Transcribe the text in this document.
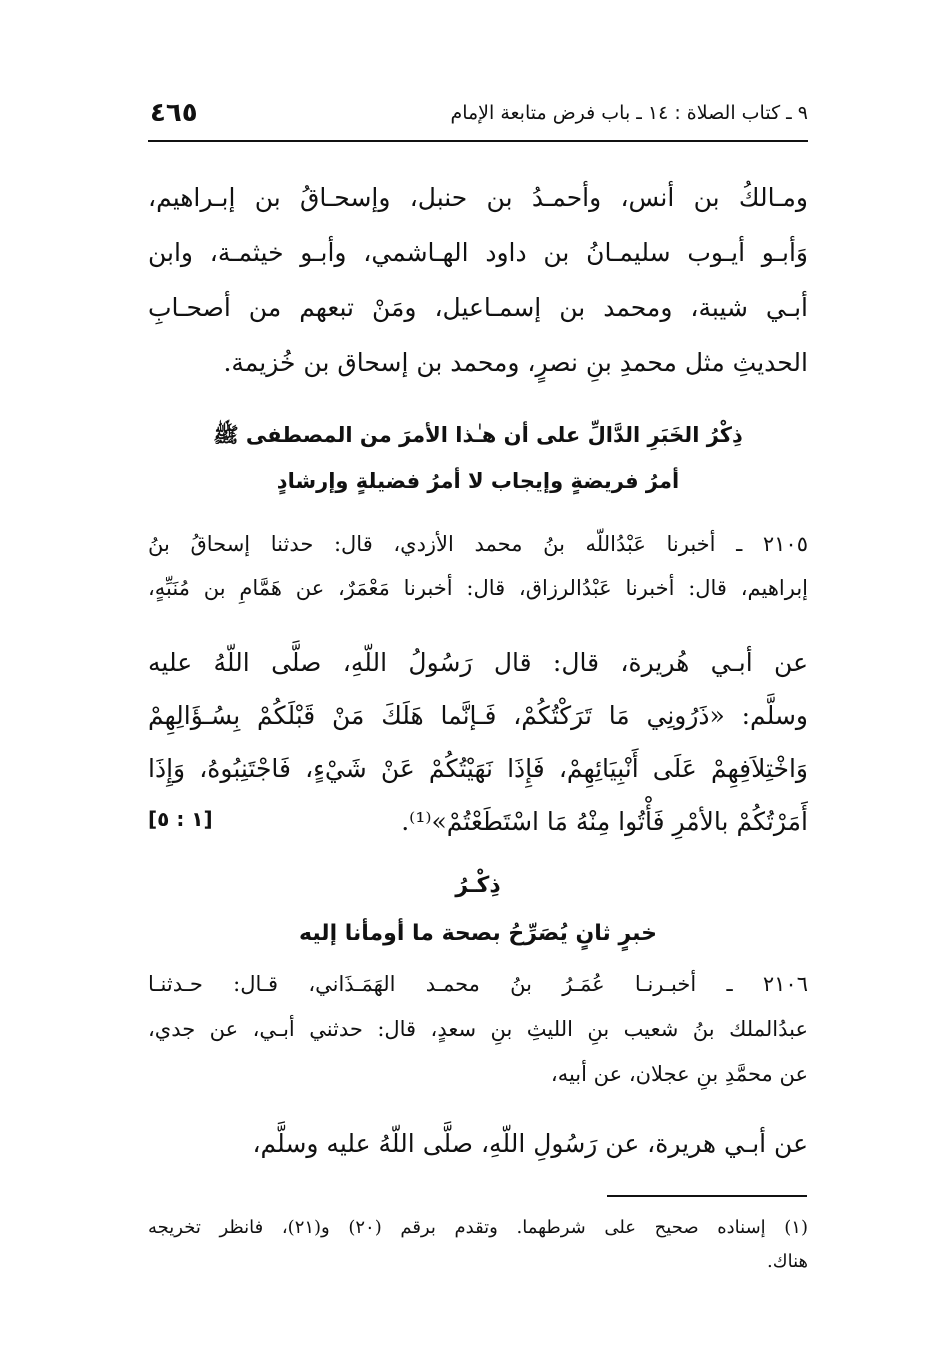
٩ ـ كتاب الصلاة : ١٤ ـ باب فرض متابعة الإمام
٤٦٥
ومـالكُ بن أنس، وأحمـدُ بن حنبل، وإسحـاقُ بن إبـراهيم،
وَأبـو أيـوب سليمـانُ بن داود الهـاشمي، وأبـو خيثمـة، وابن
أبـي شيبة، ومحمد بن إسمـاعيل، ومَنْ تبعهم من أصحـابِ
الحديثِ مثل محمدِ بنِ نصرٍ، ومحمد بن إسحاق بن خُزيمة.
ذِكْرُ الخَبَرِ الدَّالِّ على أن هـٰذا الأمرَ من المصطفى ﷺ
أمرُ فريضةٍ وإيجاب لا أمرُ فضيلةٍ وإرشادٍ
٢١٠٥ ـ أخبرنا عَبْدُاللّه بنُ محمد الأزدي، قال: حدثنا إسحاقُ بنُ
إبراهيم، قال: أخبرنا عَبْدُالرزاق، قال: أخبرنا مَعْمَرٌ، عن هَمَّامِ بن مُنَبِّهٍ،
عن أبـي هُريرة، قال: قال رَسُولُ اللّهِ، صلَّى اللّهُ عليه
وسلَّم: «ذَرُونِي مَا تَرَكْتُكُمْ، فَـإنَّما هَلَكَ مَنْ قَبْلَكُمْ بِسُـؤَالِهِمْ
وَاخْتِلاَفِهِمْ عَلَى أَنْبِيَائِهِمْ، فَإِذَا نَهَيْتُكُمْ عَنْ شَيْءٍ، فَاجْتَنِبُوهُ، وَإِذَا
أَمَرْتُكُمْ بالأمْرِ فَأْتُوا مِنْهُ مَا اسْتَطَعْتُمْ»⁽¹⁾.
[١ : ٥]
ذِكْـرُ
خبرٍ ثانٍ يُصَرِّحُ بصحة ما أومأنا إليه
٢١٠٦ ـ أخبـرنـا عُمَـرُ بنُ محمـد الهَمَـذَاني، قـال: حـدثنـا
عبدُالملك بنُ شعيب بنِ الليثِ بنِ سعدٍ، قال: حدثني أبـي، عن جدي،
عن محمَّدِ بنِ عجلان، عن أبيه،
عن أبـي هريرة، عن رَسُولِ اللّهِ، صلَّى اللّهُ عليه وسلَّم،
(١) إسناده صحيح على شرطهما. وتقدم برقم (٢٠) و(٢١)، فانظر تخريجه
هناك.
